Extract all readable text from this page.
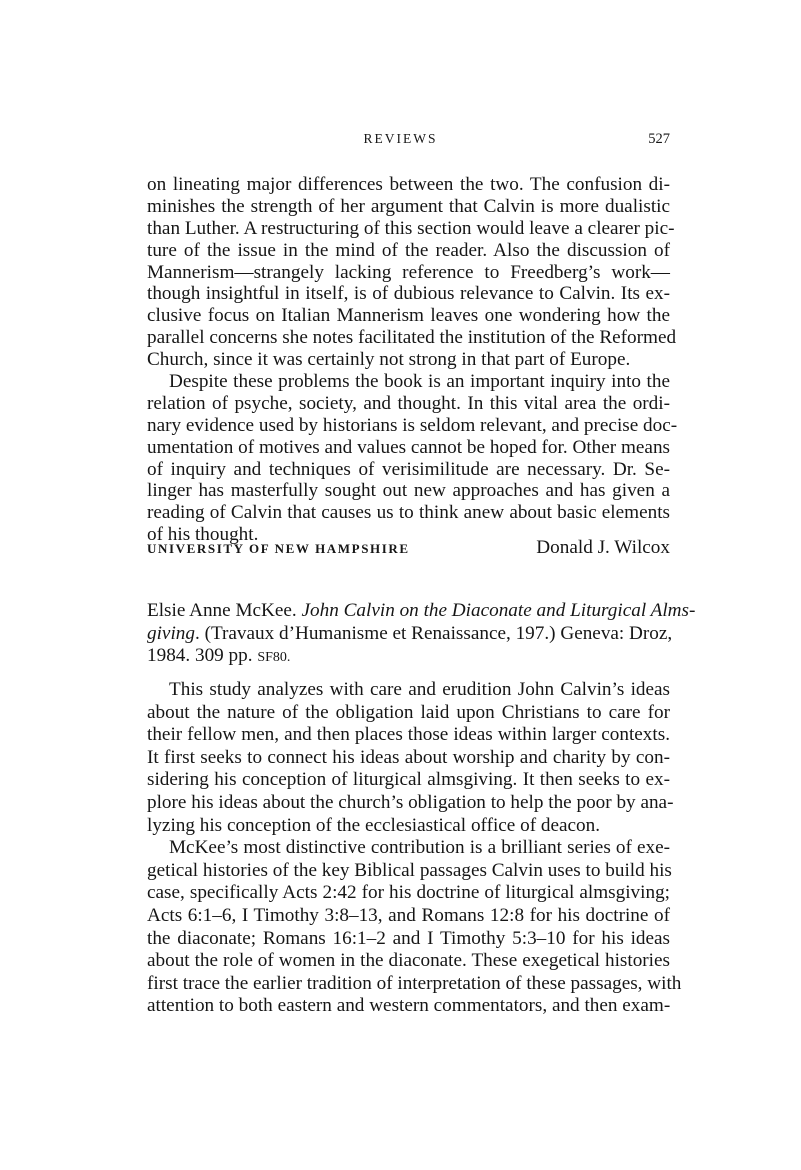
REVIEWS	527
on lineating major differences between the two. The confusion di-
minishes the strength of her argument that Calvin is more dualistic
than Luther. A restructuring of this section would leave a clearer pic-
ture of the issue in the mind of the reader. Also the discussion of
Mannerism—strangely lacking reference to Freedberg’s work—
though insightful in itself, is of dubious relevance to Calvin. Its ex-
clusive focus on Italian Mannerism leaves one wondering how the
parallel concerns she notes facilitated the institution of the Reformed
Church, since it was certainly not strong in that part of Europe.
Despite these problems the book is an important inquiry into the
relation of psyche, society, and thought. In this vital area the ordi-
nary evidence used by historians is seldom relevant, and precise doc-
umentation of motives and values cannot be hoped for. Other means
of inquiry and techniques of verisimilitude are necessary. Dr. Se-
linger has masterfully sought out new approaches and has given a
reading of Calvin that causes us to think anew about basic elements
of his thought.
UNIVERSITY OF NEW HAMPSHIRE	Donald J. Wilcox
Elsie Anne McKee. John Calvin on the Diaconate and Liturgical Alms-
giving. (Travaux d’Humanisme et Renaissance, 197.) Geneva: Droz,
1984. 309 pp. SF80.
This study analyzes with care and erudition John Calvin’s ideas
about the nature of the obligation laid upon Christians to care for
their fellow men, and then places those ideas within larger contexts.
It first seeks to connect his ideas about worship and charity by con-
sidering his conception of liturgical almsgiving. It then seeks to ex-
plore his ideas about the church’s obligation to help the poor by ana-
lyzing his conception of the ecclesiastical office of deacon.
McKee’s most distinctive contribution is a brilliant series of exe-
getical histories of the key Biblical passages Calvin uses to build his
case, specifically Acts 2:42 for his doctrine of liturgical almsgiving;
Acts 6:1–6, I Timothy 3:8–13, and Romans 12:8 for his doctrine of
the diaconate; Romans 16:1–2 and I Timothy 5:3–10 for his ideas
about the role of women in the diaconate. These exegetical histories
first trace the earlier tradition of interpretation of these passages, with
attention to both eastern and western commentators, and then exam-
